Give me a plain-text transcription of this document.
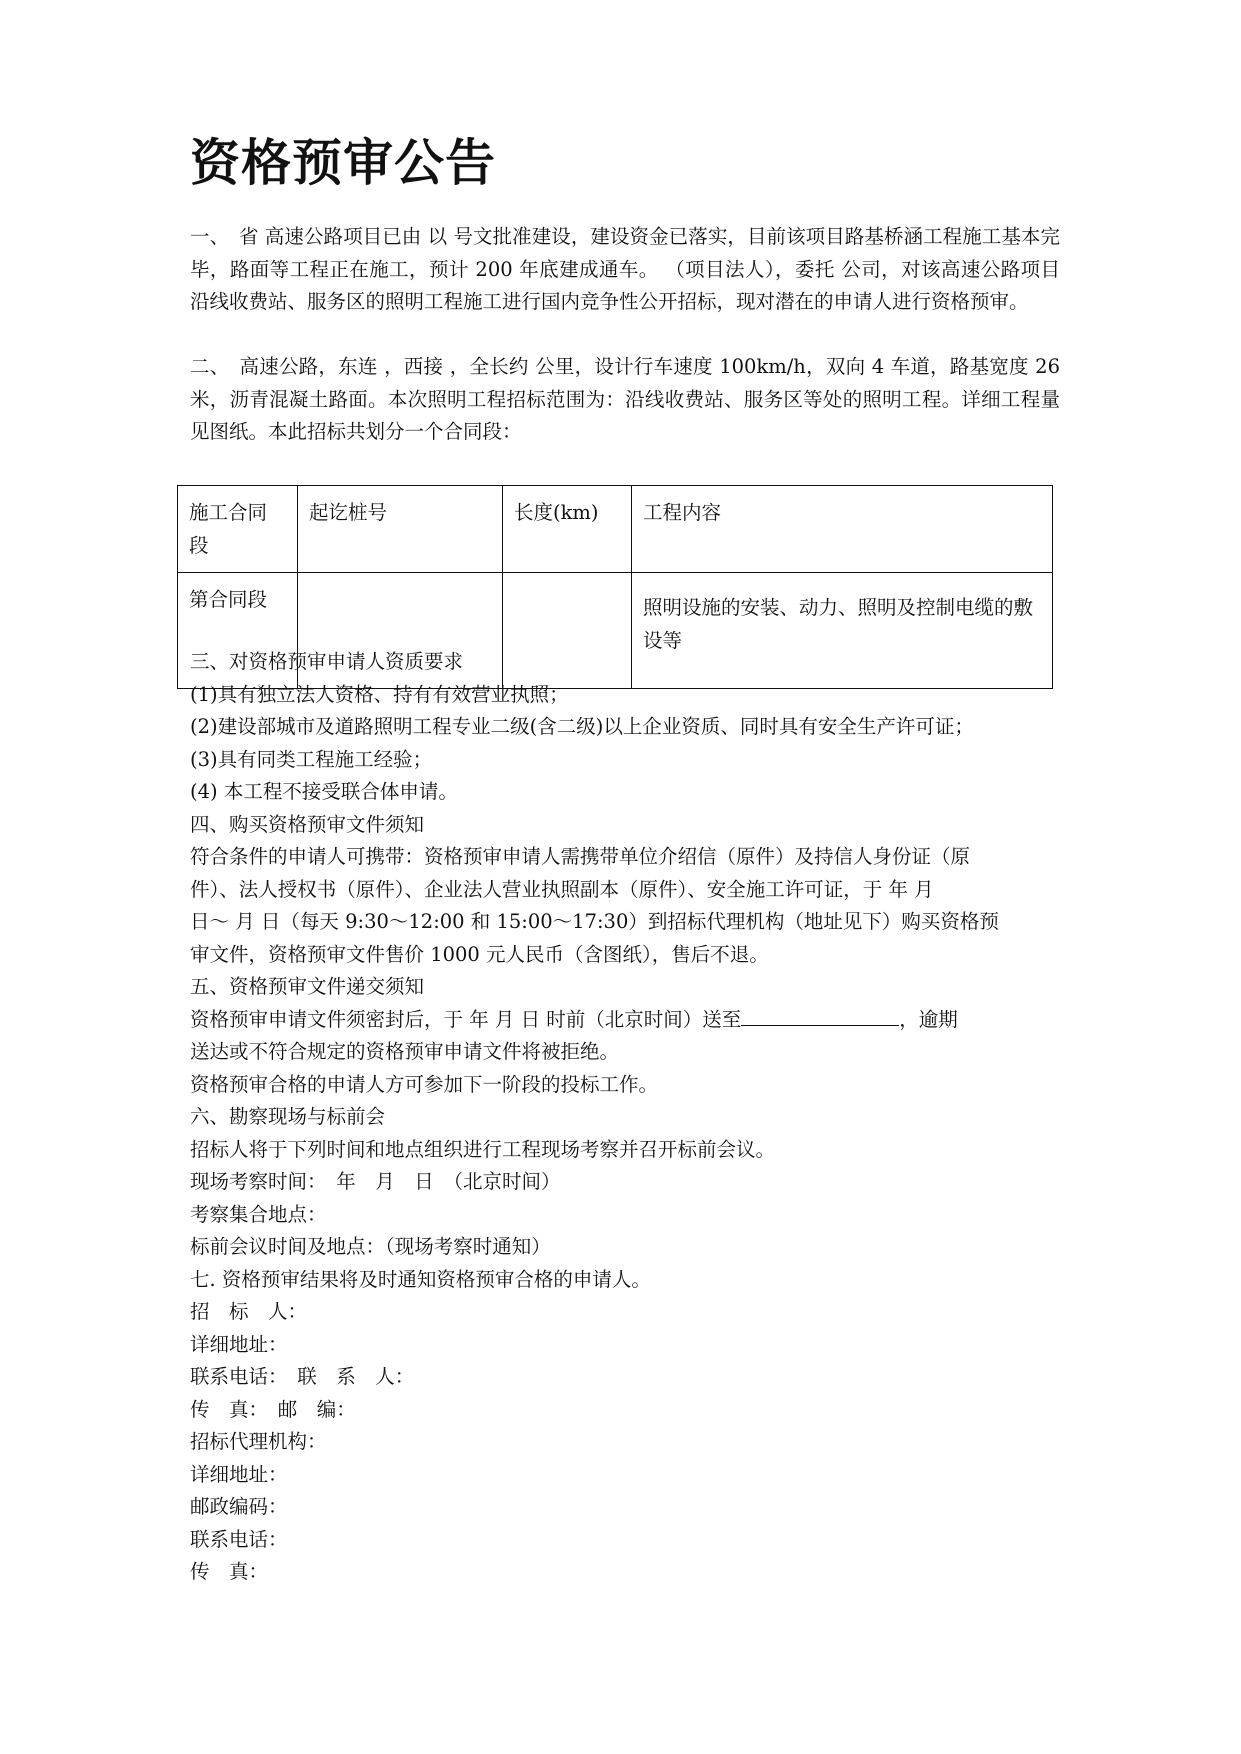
资格预审公告

一、　省 高速公路项目已由 以 号文批准建设，建设资金已落实，目前该项目路基桥涵工程施工基本完毕，路面等工程正在施工，预计 200 年底建成通车。 （项目法人），委托 公司，对该高速公路项目沿线收费站、服务区的照明工程施工进行国内竞争性公开招标，现对潜在的申请人进行资格预审。

二、　高速公路，东连 ，西接 ，全长约 公里，设计行车速度 100km/h，双向 4 车道，路基宽度 26 米，沥青混凝土路面。本次照明工程招标范围为：沿线收费站、服务区等处的照明工程。详细工程量见图纸。本此招标共划分一个合同段：

施工合同段	起讫桩号	长度(km)	工程内容
第合同段			照明设施的安装、动力、照明及控制电缆的敷设等
三、对资格预审申请人资质要求
(1)具有独立法人资格、持有有效营业执照；
(2)建设部城市及道路照明工程专业二级(含二级)以上企业资质、同时具有安全生产许可证；
(3)具有同类工程施工经验；
(4) 本工程不接受联合体申请。
四、购买资格预审文件须知
符合条件的申请人可携带：资格预审申请人需携带单位介绍信（原件）及持信人身份证（原
件）、法人授权书（原件）、企业法人营业执照副本（原件）、安全施工许可证，于 年 月
日～ 月 日（每天 9:30～12:00 和 15:00～17:30）到招标代理机构（地址见下）购买资格预
审文件，资格预审文件售价 1000 元人民币（含图纸），售后不退。
五、资格预审文件递交须知
资格预审申请文件须密封后，于 年 月 日 时前（北京时间）送至	，逾期
送达或不符合规定的资格预审申请文件将被拒绝。
资格预审合格的申请人方可参加下一阶段的投标工作。
六、勘察现场与标前会
招标人将于下列时间和地点组织进行工程现场考察并召开标前会议。
现场考察时间：　年　月　日　（北京时间）
考察集合地点：
标前会议时间及地点：（现场考察时通知）
七. 资格预审结果将及时通知资格预审合格的申请人。
招　标　人：
详细地址：
联系电话：　联　系　人：
传　真：　邮　编：
招标代理机构：
详细地址：
邮政编码：
联系电话：
传　真：
